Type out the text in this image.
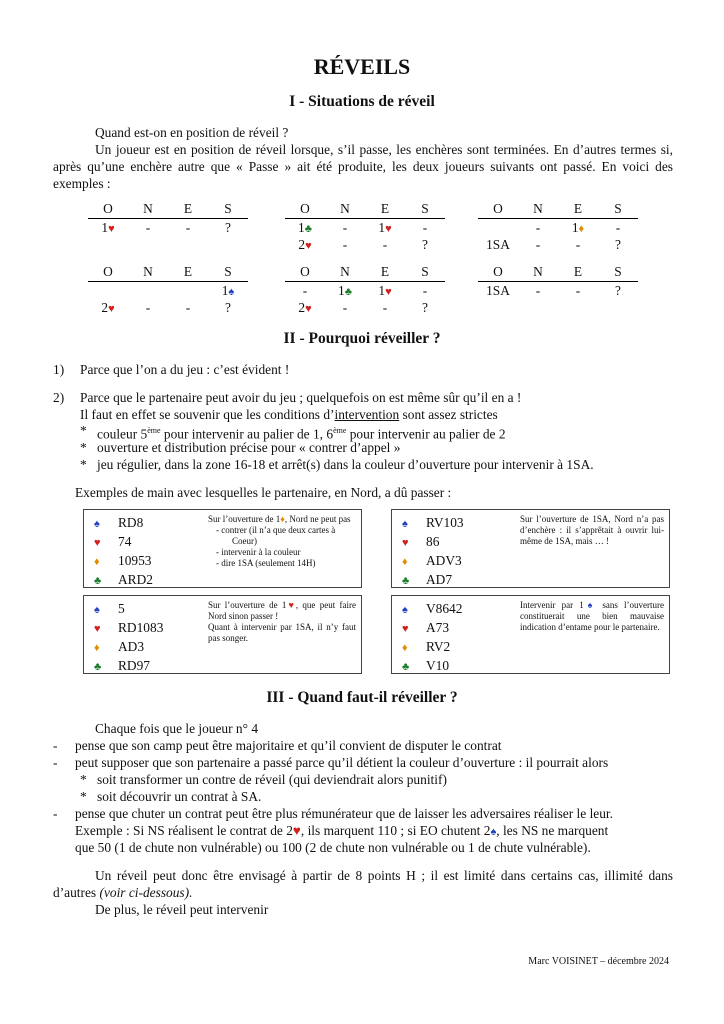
RÉVEILS
I - Situations de réveil
Quand est-on en position de réveil ?
Un joueur est en position de réveil lorsque, s’il passe, les enchères sont terminées. En d’autres termes si, après qu’une enchère autre que « Passe » ait été produite, les deux joueurs suivants ont passé. En voici des exemples :
O	N	E	S
1♥	-	-	?
O	N	E	S
1♣	-	1♥	-
2♥	-	-	?
O	N	E	S
	-	1♦	-
1SA	-	-	?
O	N	E	S
			1♠
2♥	-	-	?
O	N	E	S
-	1♣	1♥	-
2♥	-	-	?
O	N	E	S
1SA	-	-	?
II - Pourquoi réveiller ?
1) Parce que l’on a du jeu : c’est évident !
2) Parce que le partenaire peut avoir du jeu ; quelquefois on est même sûr qu’il en a !
Il faut en effet se souvenir que les conditions d’intervention sont assez strictes
* couleur 5ème pour intervenir au palier de 1, 6ème pour intervenir au palier de 2
* ouverture et distribution précise pour « contrer d’appel »
* jeu régulier, dans la zone 16-18 et arrêt(s) dans la couleur d’ouverture pour intervenir à 1SA.
Exemples de main avec lesquelles le partenaire, en Nord, a dû passer :
♠ RD8
♥ 74
♦ 10953
♣ ARD2
Sur l’ouverture de 1♦, Nord ne peut pas
- contrer (il n’a que deux cartes à
Coeur)
- intervenir à la couleur
- dire 1SA (seulement 14H)
♠ RV103
♥ 86
♦ ADV3
♣ AD7
Sur l’ouverture de 1SA, Nord n’a pas d’enchère : il s’apprêtait à ouvrir lui-même de 1SA, mais … !
♠ 5
♥ RD1083
♦ AD3
♣ RD97
Sur l’ouverture de 1♥, que peut faire Nord sinon passer !
Quant à intervenir par 1SA, il n’y faut pas songer.
♠ V8642
♥ A73
♦ RV2
♣ V10
Intervenir par 1♠ sans l’ouverture constituerait une bien mauvaise indication d’entame pour le partenaire.
III - Quand faut-il réveiller ?
Chaque fois que le joueur n° 4
- pense que son camp peut être majoritaire et qu’il convient de disputer le contrat
- peut supposer que son partenaire a passé parce qu’il détient la couleur d’ouverture : il pourrait alors
* soit transformer un contre de réveil (qui deviendrait alors punitif)
* soit découvrir un contrat à SA.
- pense que chuter un contrat peut être plus rémunérateur que de laisser les adversaires réaliser le leur.
Exemple : Si NS réalisent le contrat de 2♥, ils marquent 110 ; si EO chutent 2♠, les NS ne marquent
que 50 (1 de chute non vulnérable) ou 100 (2 de chute non vulnérable ou 1 de chute vulnérable).
Un réveil peut donc être envisagé à partir de 8 points H ; il est limité dans certains cas, illimité dans d’autres (voir ci-dessous).
De plus, le réveil peut intervenir
Marc VOISINET – décembre 2024
